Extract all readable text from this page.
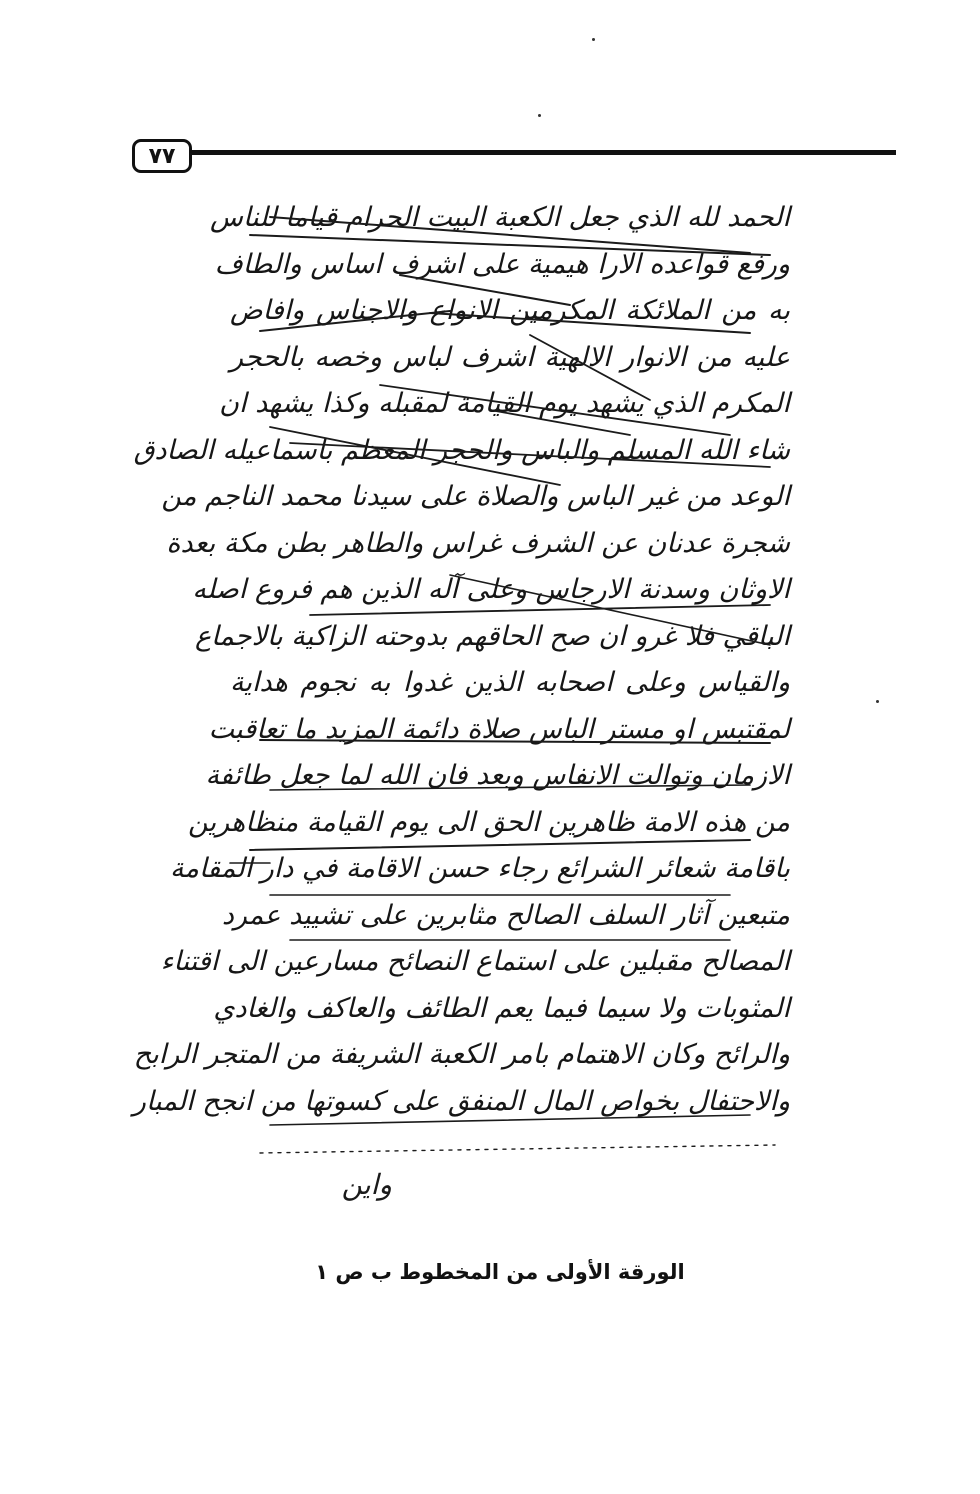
٧٧
الحمد لله الذي جعل الكعبة البيت الحرام قياما للناس
ورفع قواعده الارا هيمية على اشرف اساس والطاف
به من الملائكة المكرمين الانواع والاجناس وافاض
عليه من الانوار الالهية اشرف لباس وخصه بالحجر
المكرم الذي يشهد يوم القيامة لمقبله وكذا يشهد ان
شاء الله المسلم والباس والحجر المعظم باسماعيله الصادق
الوعد من غير الباس والصلاة على سيدنا محمد الناجم من
شجرة عدنان عن الشرف غراس والطاهر بطن مكة بعدة
الاوثان وسدنة الارجاس وعلى آله الذين هم فروع اصله
الباقي فلا غرو ان صح الحاقهم بدوحته الزاكية بالاجماع
والقياس وعلى اصحابه الذين غدوا به نجوم هداية
لمقتبس او مستر الباس صلاة دائمة المزيد ما تعاقبت
الازمان وتوالت الانفاس وبعد فان الله لما جعل طائفة
من هذه الامة ظاهرين الحق الى يوم القيامة منظاهرين
باقامة شعائر الشرائع رجاء حسن الاقامة في دار المقامة
متبعين آثار السلف الصالح مثابرين على تشييد عمرد
المصالح مقبلين على استماع النصائح مسارعين الى اقتناء
المثوبات ولا سيما فيما يعم الطائف والعاكف والغادي
والرائح وكان الاهتمام بامر الكعبة الشريفة من المتجر الرابح
والاحتفال بخواص المال المنفق على كسوتها من انجح المبار
واين
الورقة الأولى من المخطوط ب ص ١
